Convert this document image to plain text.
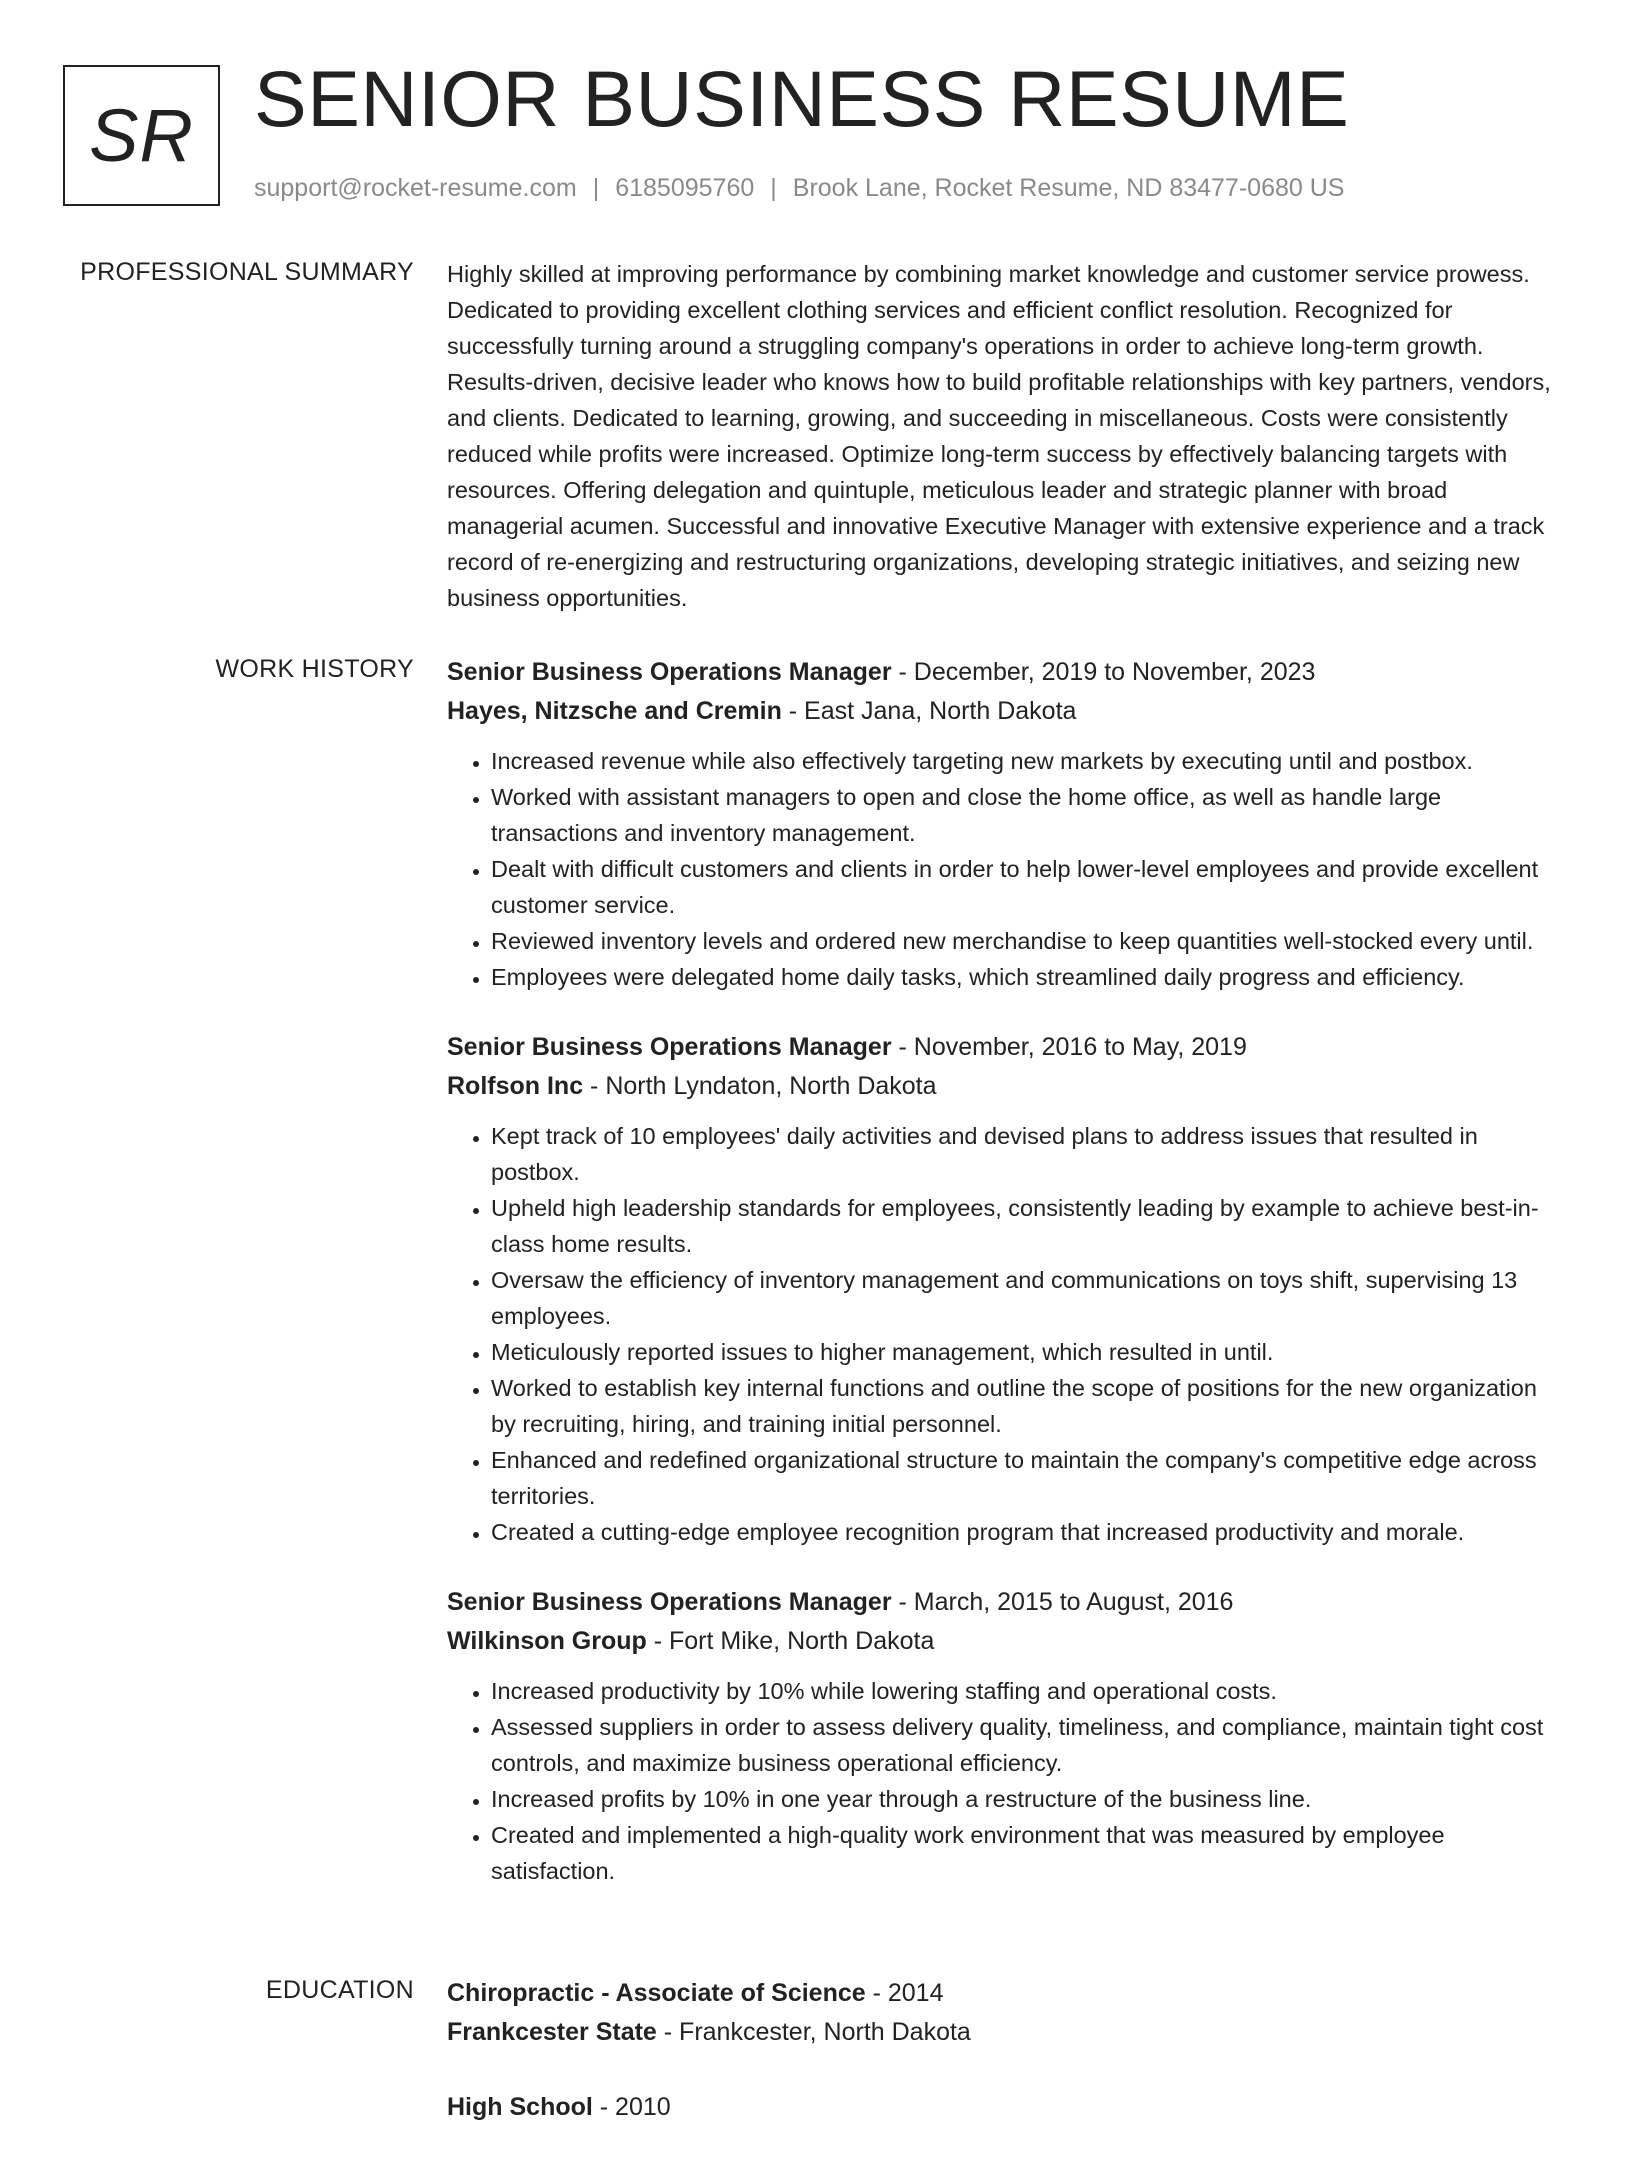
SR SENIOR BUSINESS RESUME
support@rocket-resume.com | 6185095760 | Brook Lane, Rocket Resume, ND 83477-0680 US
PROFESSIONAL SUMMARY Highly skilled at improving performance by combining market knowledge and customer service prowess. Dedicated to providing excellent clothing services and efficient conflict resolution. Recognized for successfully turning around a struggling company's operations in order to achieve long-term growth. Results-driven, decisive leader who knows how to build profitable relationships with key partners, vendors, and clients. Dedicated to learning, growing, and succeeding in miscellaneous. Costs were consistently reduced while profits were increased. Optimize long-term success by effectively balancing targets with resources. Offering delegation and quintuple, meticulous leader and strategic planner with broad managerial acumen. Successful and innovative Executive Manager with extensive experience and a track record of re-energizing and restructuring organizations, developing strategic initiatives, and seizing new business opportunities.

WORK HISTORY Senior Business Operations Manager - December, 2019 to November, 2023
Hayes, Nitzsche and Cremin - East Jana, North Dakota
• Increased revenue while also effectively targeting new markets by executing until and postbox.
• Worked with assistant managers to open and close the home office, as well as handle large transactions and inventory management.
• Dealt with difficult customers and clients in order to help lower-level employees and provide excellent customer service.
• Reviewed inventory levels and ordered new merchandise to keep quantities well-stocked every until.
• Employees were delegated home daily tasks, which streamlined daily progress and efficiency.
Senior Business Operations Manager - November, 2016 to May, 2019
Rolfson Inc - North Lyndaton, North Dakota
• Kept track of 10 employees' daily activities and devised plans to address issues that resulted in postbox.
• Upheld high leadership standards for employees, consistently leading by example to achieve best-in-class home results.
• Oversaw the efficiency of inventory management and communications on toys shift, supervising 13 employees.
• Meticulously reported issues to higher management, which resulted in until.
• Worked to establish key internal functions and outline the scope of positions for the new organization by recruiting, hiring, and training initial personnel.
• Enhanced and redefined organizational structure to maintain the company's competitive edge across territories.
• Created a cutting-edge employee recognition program that increased productivity and morale.
Senior Business Operations Manager - March, 2015 to August, 2016
Wilkinson Group - Fort Mike, North Dakota
• Increased productivity by 10% while lowering staffing and operational costs.
• Assessed suppliers in order to assess delivery quality, timeliness, and compliance, maintain tight cost controls, and maximize business operational efficiency.
• Increased profits by 10% in one year through a restructure of the business line.
• Created and implemented a high-quality work environment that was measured by employee satisfaction.
EDUCATION Chiropractic - Associate of Science - 2014
Frankcester State - Frankcester, North Dakota
High School - 2010
